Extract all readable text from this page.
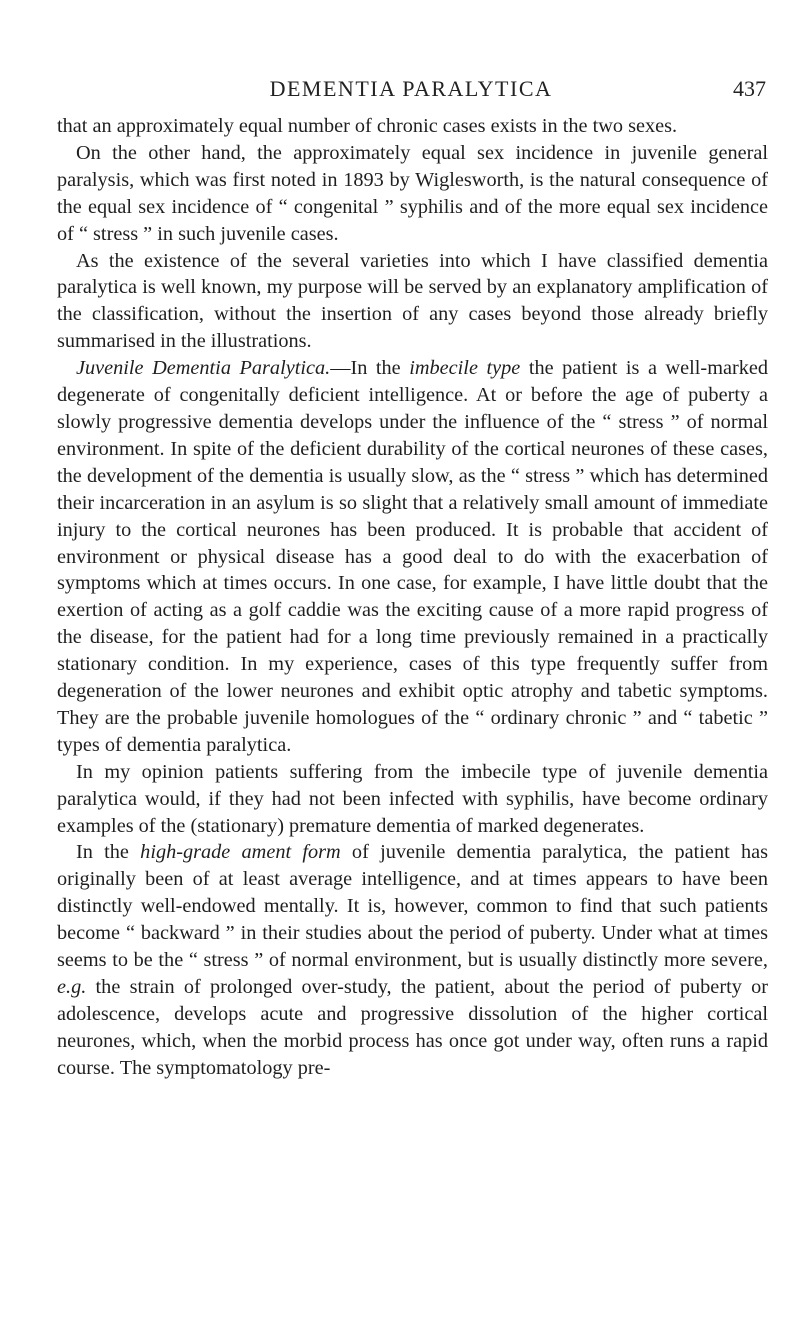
DEMENTIA PARALYTICA	437

that an approximately equal number of chronic cases exists in the two sexes.

On the other hand, the approximately equal sex incidence in juvenile general paralysis, which was first noted in 1893 by Wiglesworth, is the natural consequence of the equal sex incidence of “ congenital ” syphilis and of the more equal sex incidence of “ stress ” in such juvenile cases.

As the existence of the several varieties into which I have classified dementia paralytica is well known, my purpose will be served by an explanatory amplification of the classification, without the insertion of any cases beyond those already briefly summarised in the illustrations.

Juvenile Dementia Paralytica.—In the imbecile type the patient is a well-marked degenerate of congenitally deficient intelligence. At or before the age of puberty a slowly progressive dementia develops under the influence of the “ stress ” of normal environment. In spite of the deficient durability of the cortical neurones of these cases, the development of the dementia is usually slow, as the “ stress ” which has determined their incarceration in an asylum is so slight that a relatively small amount of immediate injury to the cortical neurones has been produced. It is probable that accident of environment or physical disease has a good deal to do with the exacerbation of symptoms which at times occurs. In one case, for example, I have little doubt that the exertion of acting as a golf caddie was the exciting cause of a more rapid progress of the disease, for the patient had for a long time previously remained in a practically stationary condition. In my experience, cases of this type frequently suffer from degeneration of the lower neurones and exhibit optic atrophy and tabetic symptoms. They are the probable juvenile homologues of the “ ordinary chronic ” and “ tabetic ” types of dementia paralytica.

In my opinion patients suffering from the imbecile type of juvenile dementia paralytica would, if they had not been infected with syphilis, have become ordinary examples of the (stationary) premature dementia of marked degenerates.

In the high-grade ament form of juvenile dementia paralytica, the patient has originally been of at least average intelligence, and at times appears to have been distinctly well-endowed mentally. It is, however, common to find that such patients become “ backward ” in their studies about the period of puberty. Under what at times seems to be the “ stress ” of normal environment, but is usually distinctly more severe, e.g. the strain of prolonged over-study, the patient, about the period of puberty or adolescence, develops acute and progressive dissolution of the higher cortical neurones, which, when the morbid process has once got under way, often runs a rapid course. The symptomatology pre-
